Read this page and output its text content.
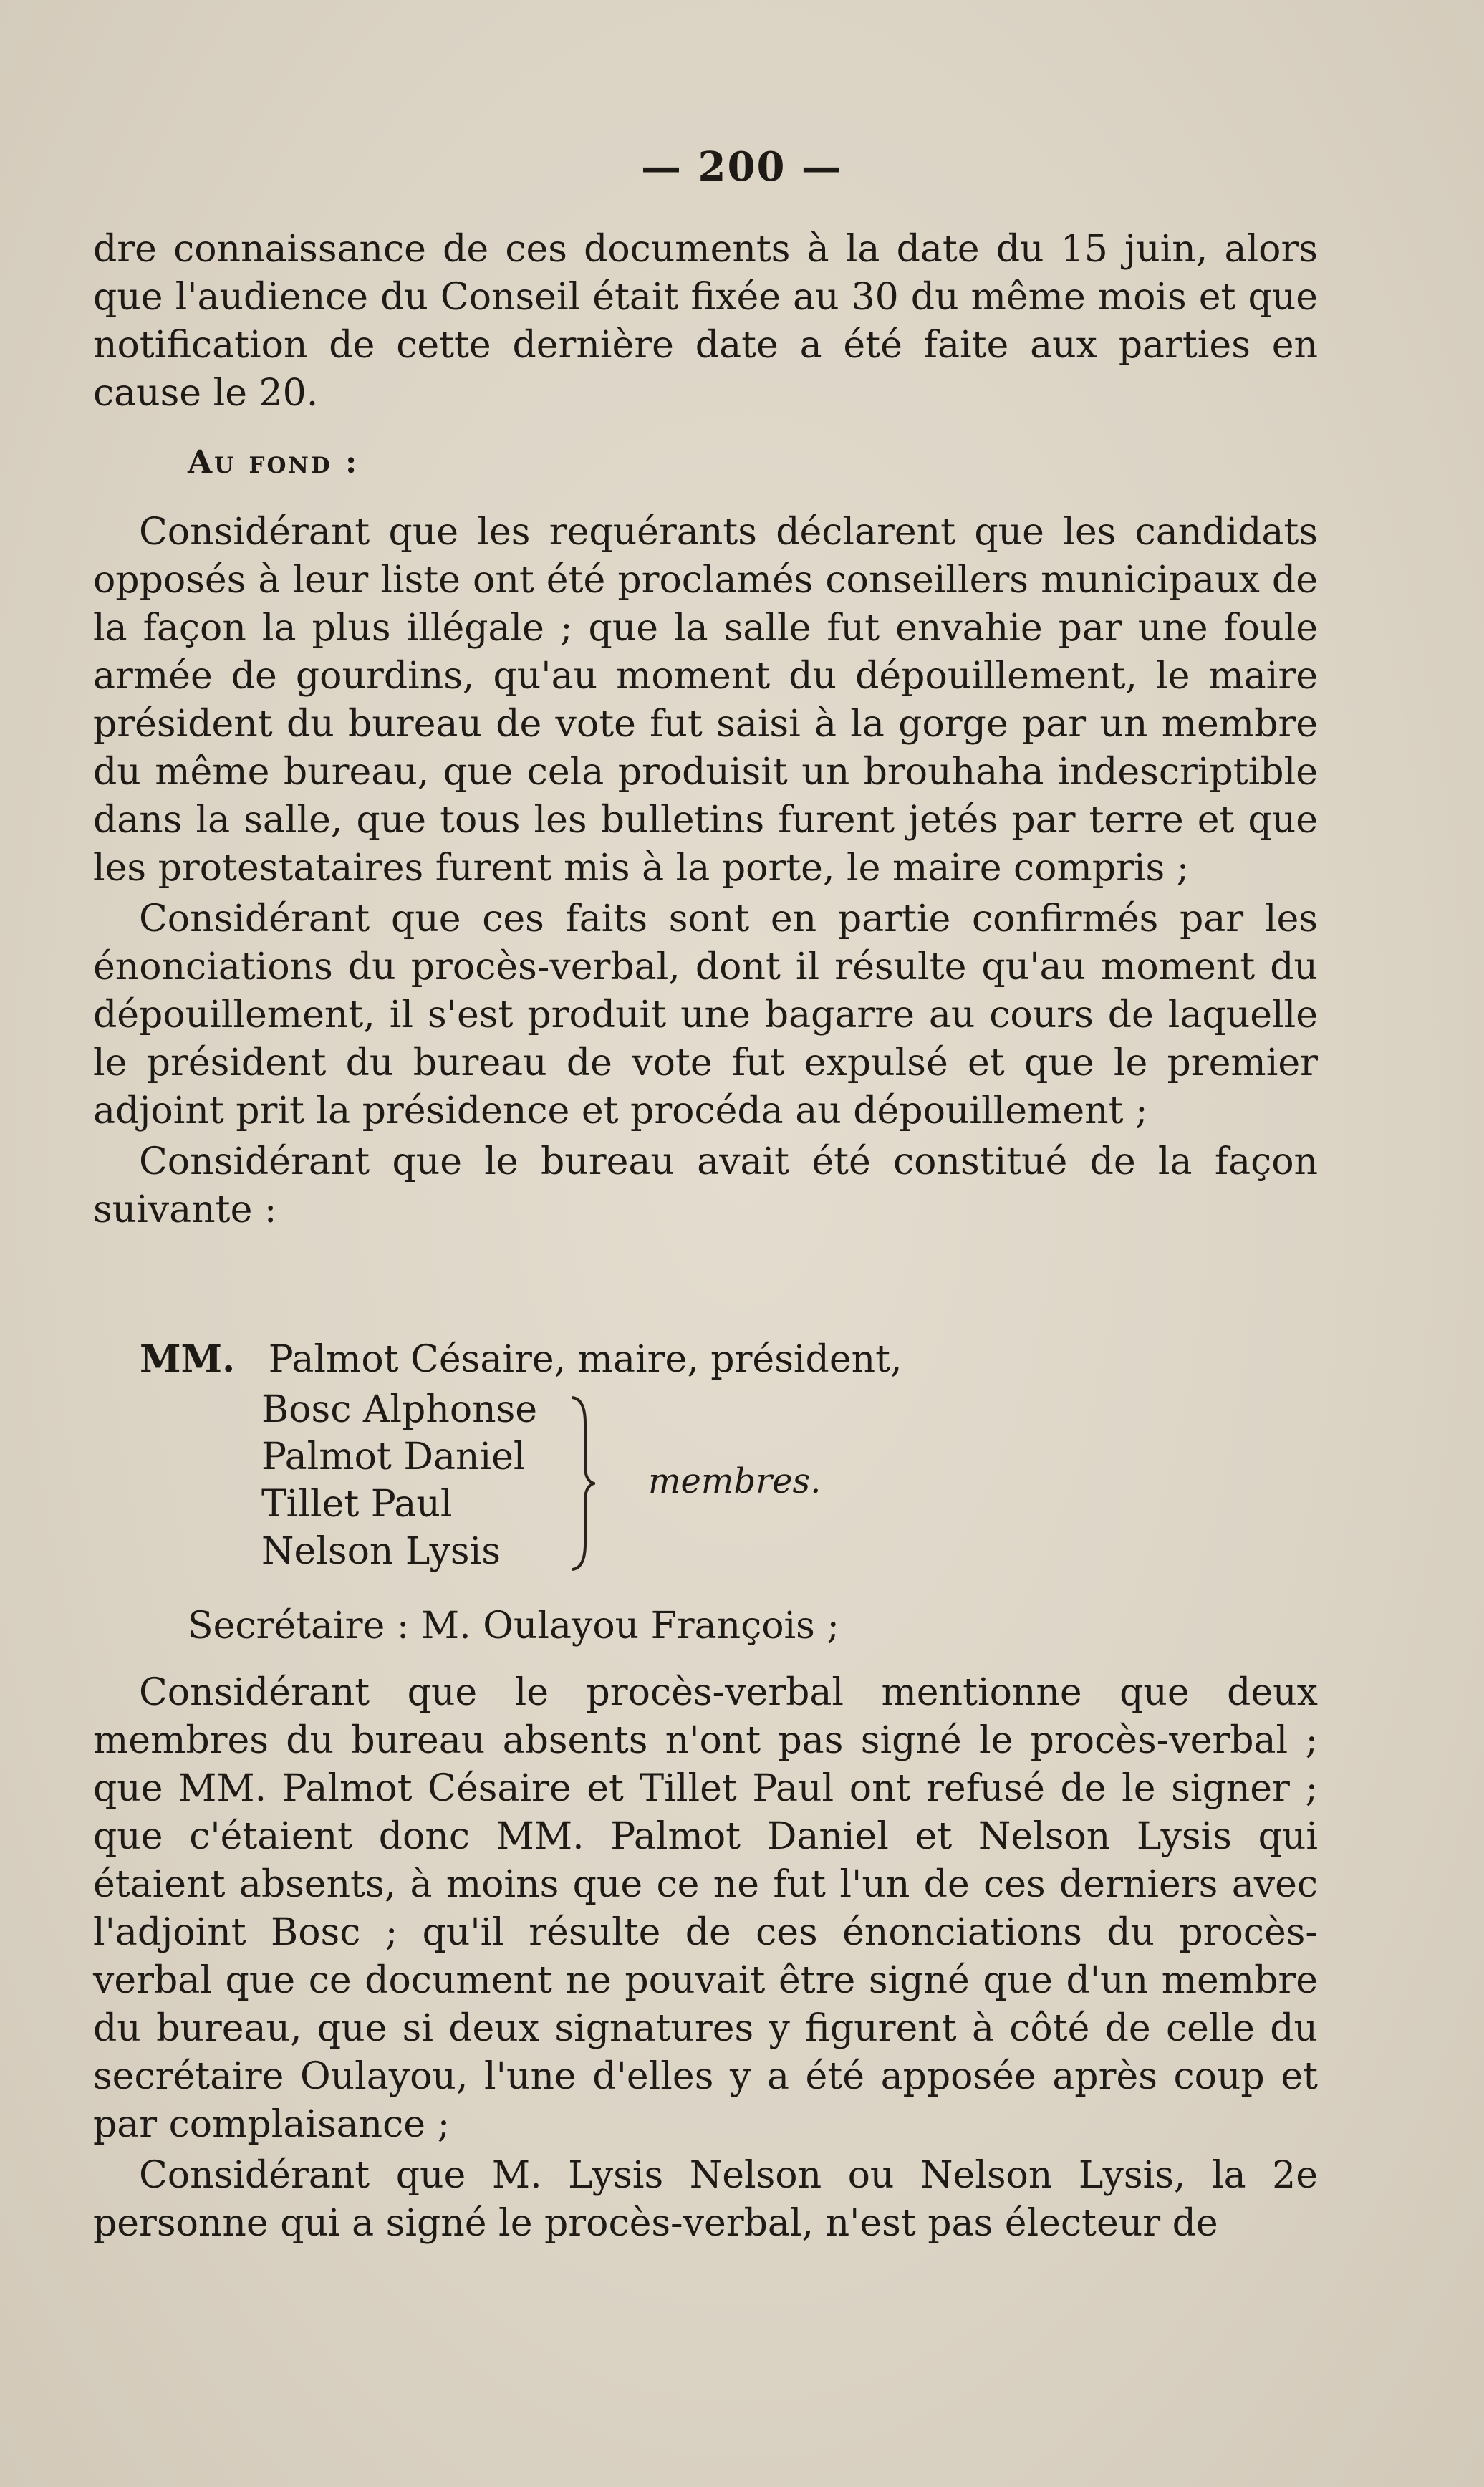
— 200 —

dre connaissance de ces documents à la date du 15 juin, alors que l'audience du Conseil était fixée au 30 du même mois et que notification de cette dernière date a été faite aux parties en cause le 20.

Au fond :

Considérant que les requérants déclarent que les candidats opposés à leur liste ont été proclamés conseillers municipaux de la façon la plus illégale ; que la salle fut envahie par une foule armée de gourdins, qu'au moment du dépouillement, le maire président du bureau de vote fut saisi à la gorge par un membre du même bureau, que cela produisit un brouhaha indescriptible dans la salle, que tous les bulletins furent jetés par terre et que les protestataires furent mis à la porte, le maire compris ;

Considérant que ces faits sont en partie confirmés par les énonciations du procès-verbal, dont il résulte qu'au moment du dépouillement, il s'est produit une bagarre au cours de laquelle le président du bureau de vote fut expulsé et que le premier adjoint prit la présidence et procéda au dépouillement ;

Considérant que le bureau avait été constitué de la façon suivante :

MM. Palmot Césaire, maire, président,
Bosc Alphonse
Palmot Daniel
Tillet Paul
Nelson Lysis
membres.
Secrétaire : M. Oulayou François ;

Considérant que le procès-verbal mentionne que deux membres du bureau absents n'ont pas signé le procès-verbal ; que MM. Palmot Césaire et Tillet Paul ont refusé de le signer ; que c'étaient donc MM. Palmot Daniel et Nelson Lysis qui étaient absents, à moins que ce ne fut l'un de ces derniers avec l'adjoint Bosc ; qu'il résulte de ces énonciations du procès-verbal que ce document ne pouvait être signé que d'un membre du bureau, que si deux signatures y figurent à côté de celle du secrétaire Oulayou, l'une d'elles y a été apposée après coup et par complaisance ;

Considérant que M. Lysis Nelson ou Nelson Lysis, la 2e personne qui a signé le procès-verbal, n'est pas électeur de
